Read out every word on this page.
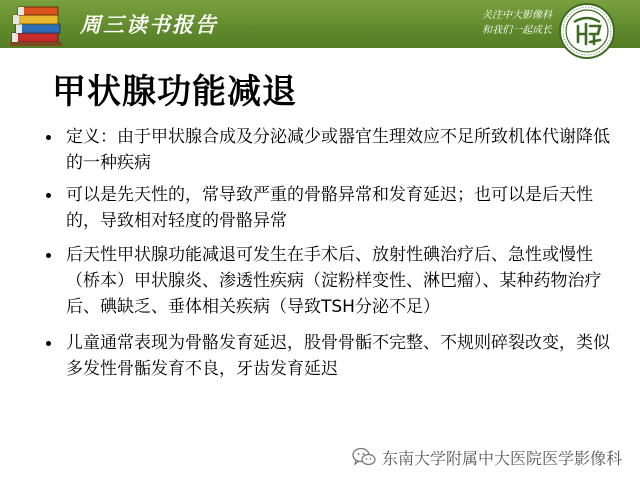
周三读书报告	关注中大影像科
和我们一起成长
甲状腺功能减退
定义：由于甲状腺合成及分泌减少或器官生理效应不足所致机体代谢降低的一种疾病
可以是先天性的，常导致严重的骨骼异常和发育延迟；也可以是后天性的，导致相对轻度的骨骼异常
后天性甲状腺功能减退可发生在手术后、放射性碘治疗后、急性或慢性（桥本）甲状腺炎、渗透性疾病（淀粉样变性、淋巴瘤）、某种药物治疗后、碘缺乏、垂体相关疾病（导致TSH分泌不足）
儿童通常表现为骨骼发育延迟，股骨骨骺不完整、不规则碎裂改变，类似多发性骨骺发育不良，牙齿发育延迟
东南大学附属中大医院医学影像科
